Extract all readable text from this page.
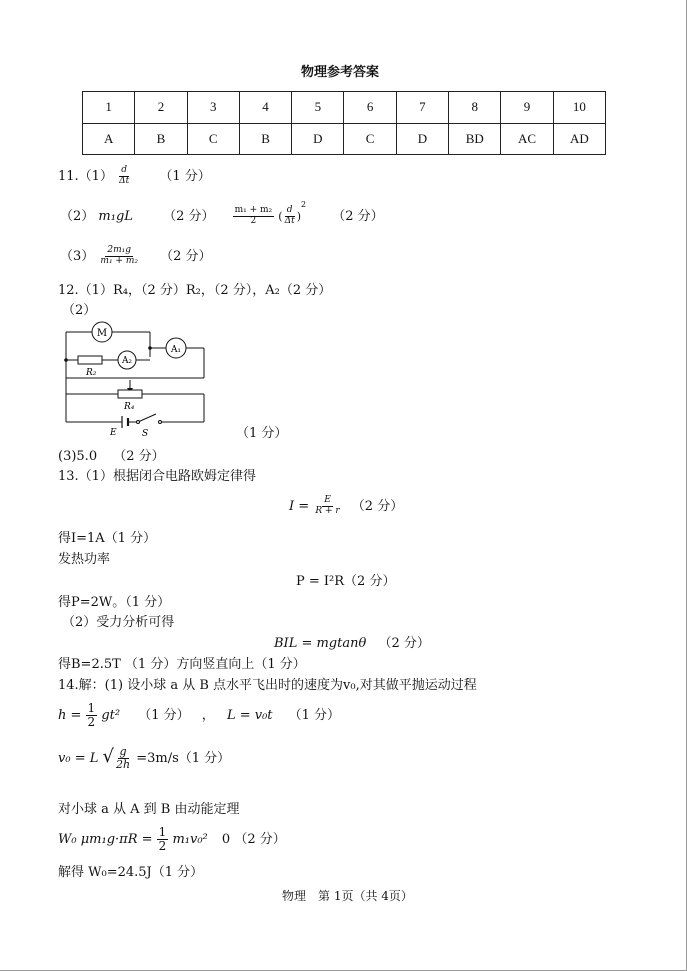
物理参考答案
1	2	3	4	5	6	7	8	9	10
A	B	C	B	D	C	D	BD	AC	AD
$11.(1) \frac{d}{\Delta t} (1$ 分）
（2） m₁gL （2 分） $\frac{\text{m₁ + m₂}}{2}$ ( $\frac{d}{\Delta t} )^2$ （2 分）
$(3) \frac{\text{2m₁g}}{\text{m₁ + m₂}} (2$ 分）
12.（1）R₄，（2 分）R₂，（2 分），A₂（2 分）
（2）
M
A₂
A₁
R₂
R₄
E	S	（1 分）
(3)5.0 （2 分）
13.（1）根据闭合电路欧姆定律得
$I = \frac{E}{R + r} (2$ 分）
得I=1A（1 分）
发热功率
P = I²R（2 分）
得P=2W。（1 分）
（2）受力分析可得
BIL = mgtanθ （2 分）
得B=2.5T （1 分）方向竖直向上（1 分）
14.解：(1) 设小球 a 从 B 点水平飞出时的速度为v₀,对其做平抛运动过程
$h = \frac{1}{2} gt^2$ （1 分） ， L = v₀t （1 分）
v₀ = L √ $\frac{g}{2h} =3m/s(1$ 分）
对小球 a 从 A 到 B 由动能定理
W₀ $\mu m_1g\cdot\pi R = \frac{1}{2} m_1v_0^2$ 0 （2 分）
解得 W₀=24.5J（1 分）
物理　第 1页（共 4页）
